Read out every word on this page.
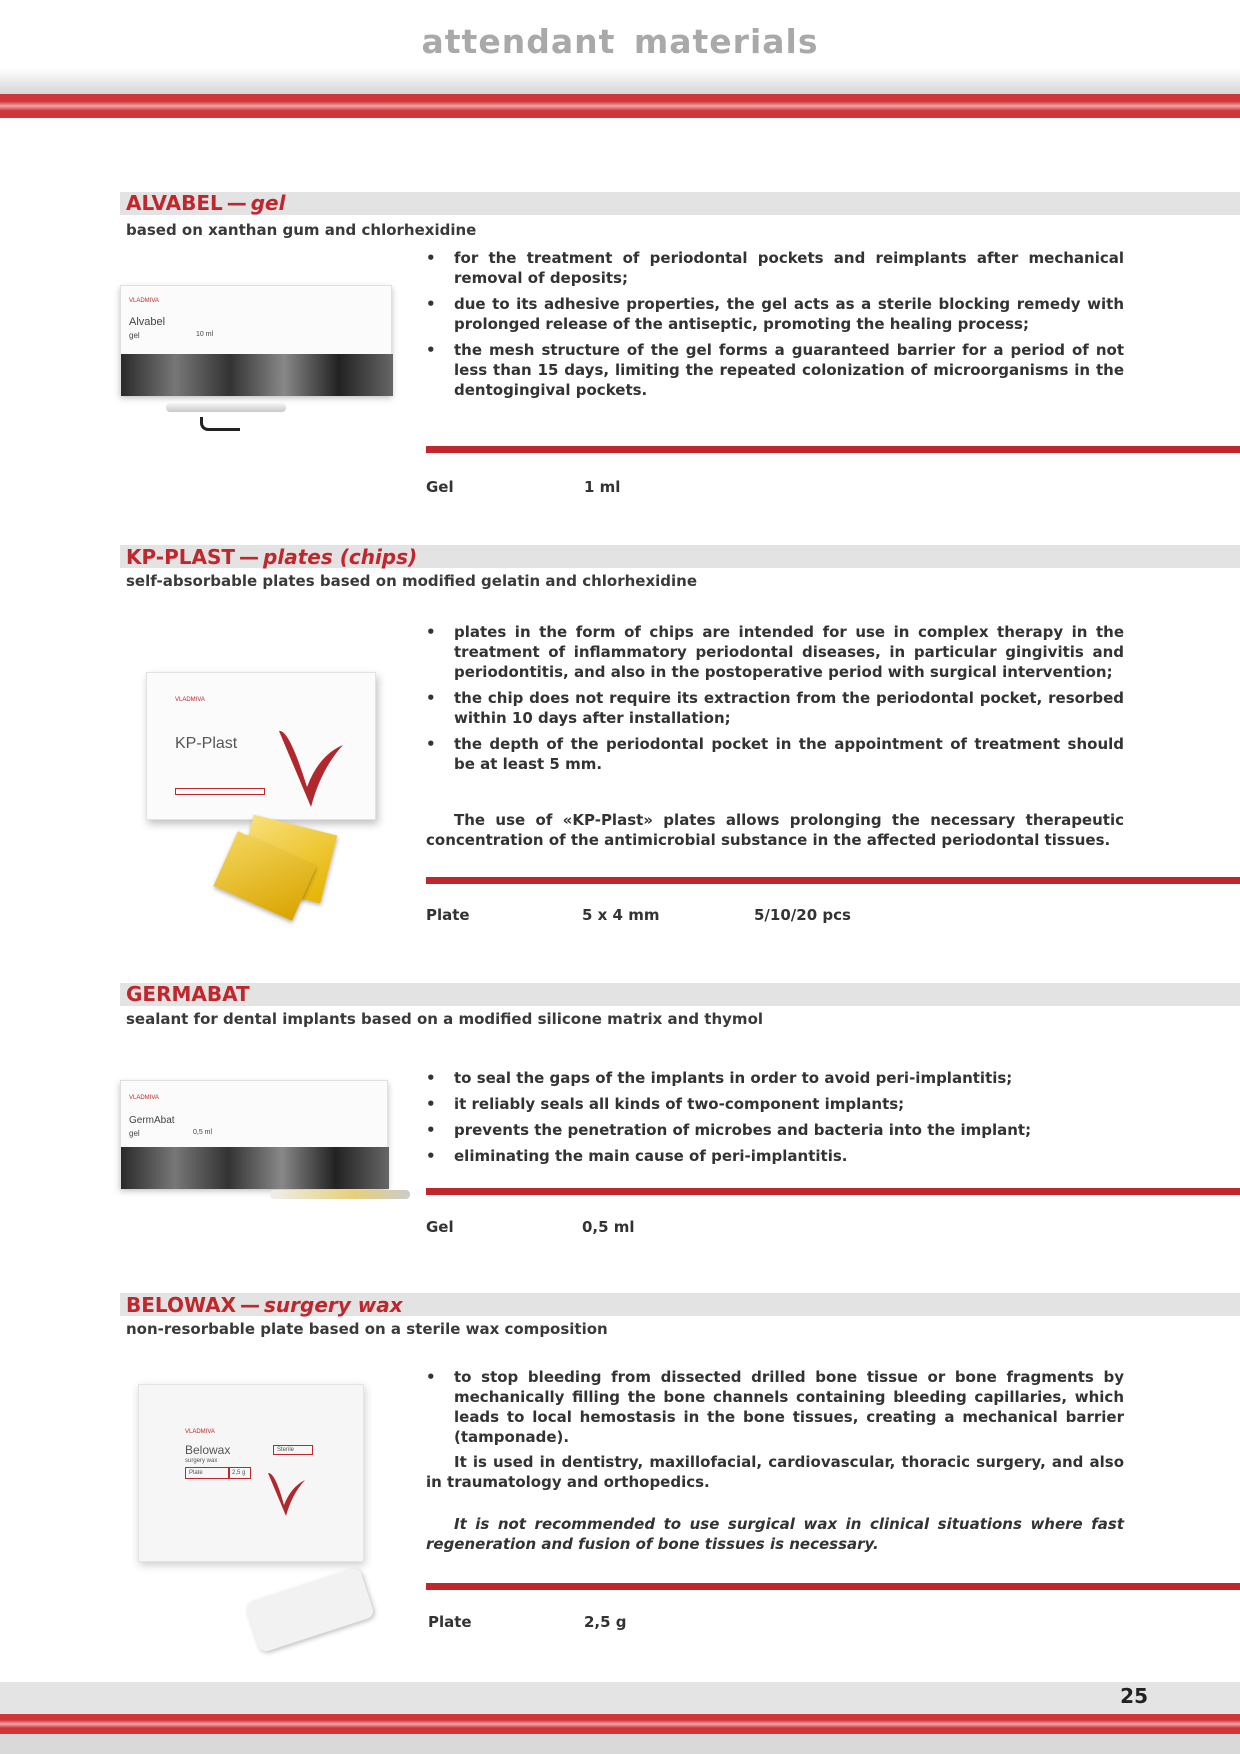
attendant materials
ALVABEL — gel
based on xanthan gum and chlorhexidine
VLADMIVA
Alvabel
gel	10 ml
• for the treatment of periodontal pockets and reimplants after mechanical removal of deposits;
• due to its adhesive properties, the gel acts as a sterile blocking remedy with prolonged release of the antiseptic, promoting the healing process;
• the mesh structure of the gel forms a guaranteed barrier for a period of not less than 15 days, limiting the repeated colonization of microorganisms in the dentogingival pockets.
Gel	1 ml
KP-PLAST — plates (chips)
self-absorbable plates based on modified gelatin and chlorhexidine
VLADMIVA
KP-Plast
• plates in the form of chips are intended for use in complex therapy in the treatment of inflammatory periodontal diseases, in particular gingivitis and periodontitis, and also in the postoperative period with surgical intervention;
• the chip does not require its extraction from the periodontal pocket, resorbed within 10 days after installation;
• the depth of the periodontal pocket in the appointment of treatment should be at least 5 mm.
The use of «KP-Plast» plates allows prolonging the necessary therapeutic concentration of the antimicrobial substance in the affected periodontal tissues.
Plate	5 x 4 mm	5/10/20 pcs
GERMABAT
sealant for dental implants based on a modified silicone matrix and thymol
VLADMIVA
GermAbat
gel	0,5 ml
• to seal the gaps of the implants in order to avoid peri-implantitis;
• it reliably seals all kinds of two-component implants;
• prevents the penetration of microbes and bacteria into the implant;
• eliminating the main cause of peri-implantitis.
Gel	0,5 ml
BELOWAX — surgery wax
non-resorbable plate based on a sterile wax composition
VLADMIVA
Belowax
surgery wax
Sterile
Plate	2,5 g
• to stop bleeding from dissected drilled bone tissue or bone fragments by mechanically filling the bone channels containing bleeding capillaries, which leads to local hemostasis in the bone tissues, creating a mechanical barrier (tamponade).
It is used in dentistry, maxillofacial, cardiovascular, thoracic surgery, and also in traumatology and orthopedics.
It is not recommended to use surgical wax in clinical situations where fast regeneration and fusion of bone tissues is necessary.
Plate	2,5 g
25
